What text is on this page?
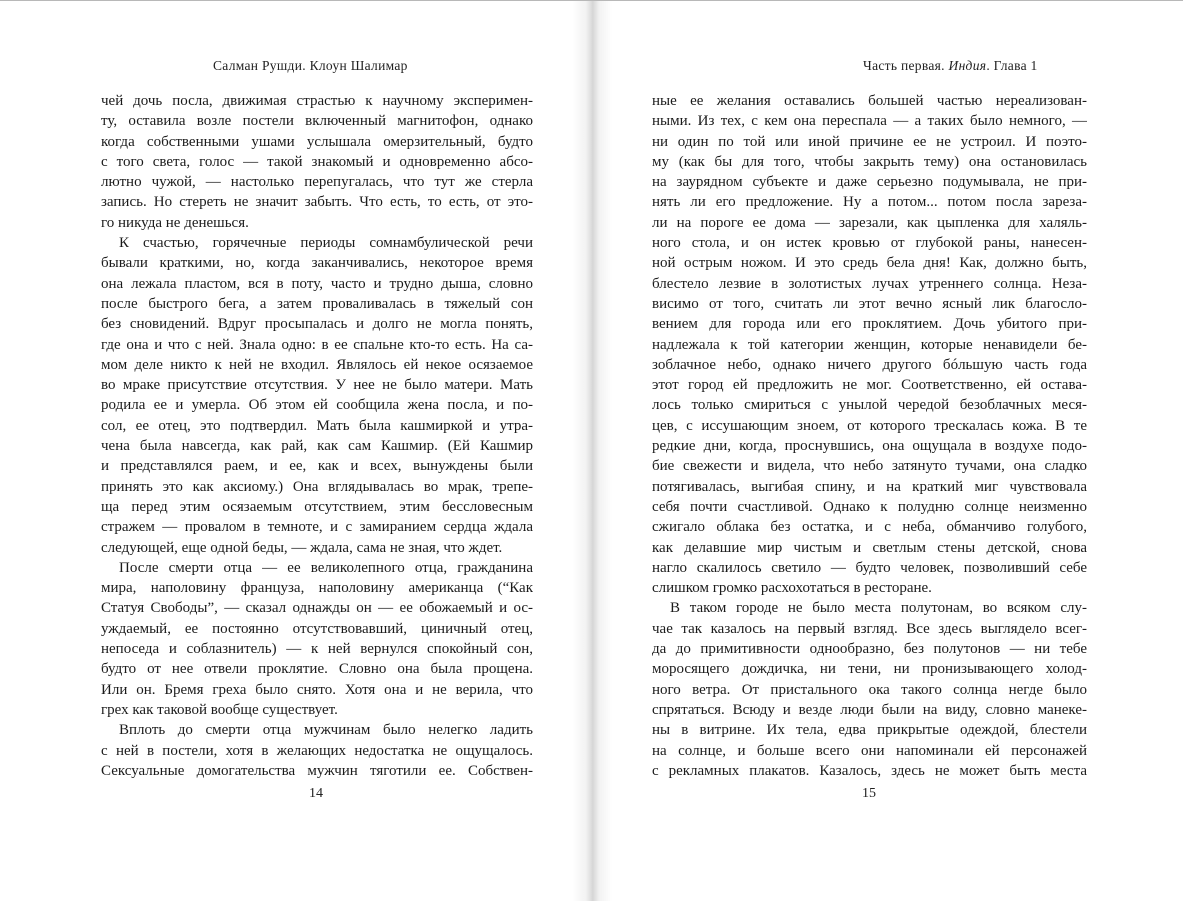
Салман Рушди. Клоун Шалимар
чей дочь посла, движимая страстью к научному эксперимен-
ту, оставила возле постели включенный магнитофон, однако
когда собственными ушами услышала омерзительный, будто
с того света, голос — такой знакомый и одновременно абсо-
лютно чужой, — настолько перепугалась, что тут же стерла
запись. Но стереть не значит забыть. Что есть, то есть, от это-
го никуда не денешься.
К счастью, горячечные периоды сомнамбулической речи
бывали краткими, но, когда заканчивались, некоторое время
она лежала пластом, вся в поту, часто и трудно дыша, словно
после быстрого бега, а затем проваливалась в тяжелый сон
без сновидений. Вдруг просыпалась и долго не могла понять,
где она и что с ней. Знала одно: в ее спальне кто-то есть. На са-
мом деле никто к ней не входил. Являлось ей некое осязаемое
во мраке присутствие отсутствия. У нее не было матери. Мать
родила ее и умерла. Об этом ей сообщила жена посла, и по-
сол, ее отец, это подтвердил. Мать была кашмиркой и утра-
чена была навсегда, как рай, как сам Кашмир. (Ей Кашмир
и представлялся раем, и ее, как и всех, вынуждены были
принять это как аксиому.) Она вглядывалась во мрак, трепе-
ща перед этим осязаемым отсутствием, этим бессловесным
стражем — провалом в темноте, и с замиранием сердца ждала
следующей, еще одной беды, — ждала, сама не зная, что ждет.
После смерти отца — ее великолепного отца, гражданина
мира, наполовину француза, наполовину американца (“Как
Статуя Свободы”, — сказал однажды он — ее обожаемый и ос-
уждаемый, ее постоянно отсутствовавший, циничный отец,
непоседа и соблазнитель) — к ней вернулся спокойный сон,
будто от нее отвели проклятие. Словно она была прощена.
Или он. Бремя греха было снято. Хотя она и не верила, что
грех как таковой вообще существует.
Вплоть до смерти отца мужчинам было нелегко ладить
с ней в постели, хотя в желающих недостатка не ощущалось.
Сексуальные домогательства мужчин тяготили ее. Собствен-
14
Часть первая. Индия. Глава 1
ные ее желания оставались большей частью нереализован-
ными. Из тех, с кем она переспала — а таких было немного, —
ни один по той или иной причине ее не устроил. И поэто-
му (как бы для того, чтобы закрыть тему) она остановилась
на заурядном субъекте и даже серьезно подумывала, не при-
нять ли его предложение. Ну а потом... потом посла зареза-
ли на пороге ее дома — зарезали, как цыпленка для халяль-
ного стола, и он истек кровью от глубокой раны, нанесен-
ной острым ножом. И это средь бела дня! Как, должно быть,
блестело лезвие в золотистых лучах утреннего солнца. Неза-
висимо от того, считать ли этот вечно ясный лик благосло-
вением для города или его проклятием. Дочь убитого при-
надлежала к той категории женщин, которые ненавидели бе-
зоблачное небо, однако ничего другого бóльшую часть года
этот город ей предложить не мог. Соответственно, ей остава-
лось только смириться с унылой чередой безоблачных меся-
цев, с иссушающим зноем, от которого трескалась кожа. В те
редкие дни, когда, проснувшись, она ощущала в воздухе подо-
бие свежести и видела, что небо затянуто тучами, она сладко
потягивалась, выгибая спину, и на краткий миг чувствовала
себя почти счастливой. Однако к полудню солнце неизменно
сжигало облака без остатка, и с неба, обманчиво голубого,
как делавшие мир чистым и светлым стены детской, снова
нагло скалилось светило — будто человек, позволивший себе
слишком громко расхохотаться в ресторане.
В таком городе не было места полутонам, во всяком слу-
чае так казалось на первый взгляд. Все здесь выглядело всег-
да до примитивности однообразно, без полутонов — ни тебе
моросящего дождичка, ни тени, ни пронизывающего холод-
ного ветра. От пристального ока такого солнца негде было
спрятаться. Всюду и везде люди были на виду, словно манеке-
ны в витрине. Их тела, едва прикрытые одеждой, блестели
на солнце, и больше всего они напоминали ей персонажей
с рекламных плакатов. Казалось, здесь не может быть места
15
